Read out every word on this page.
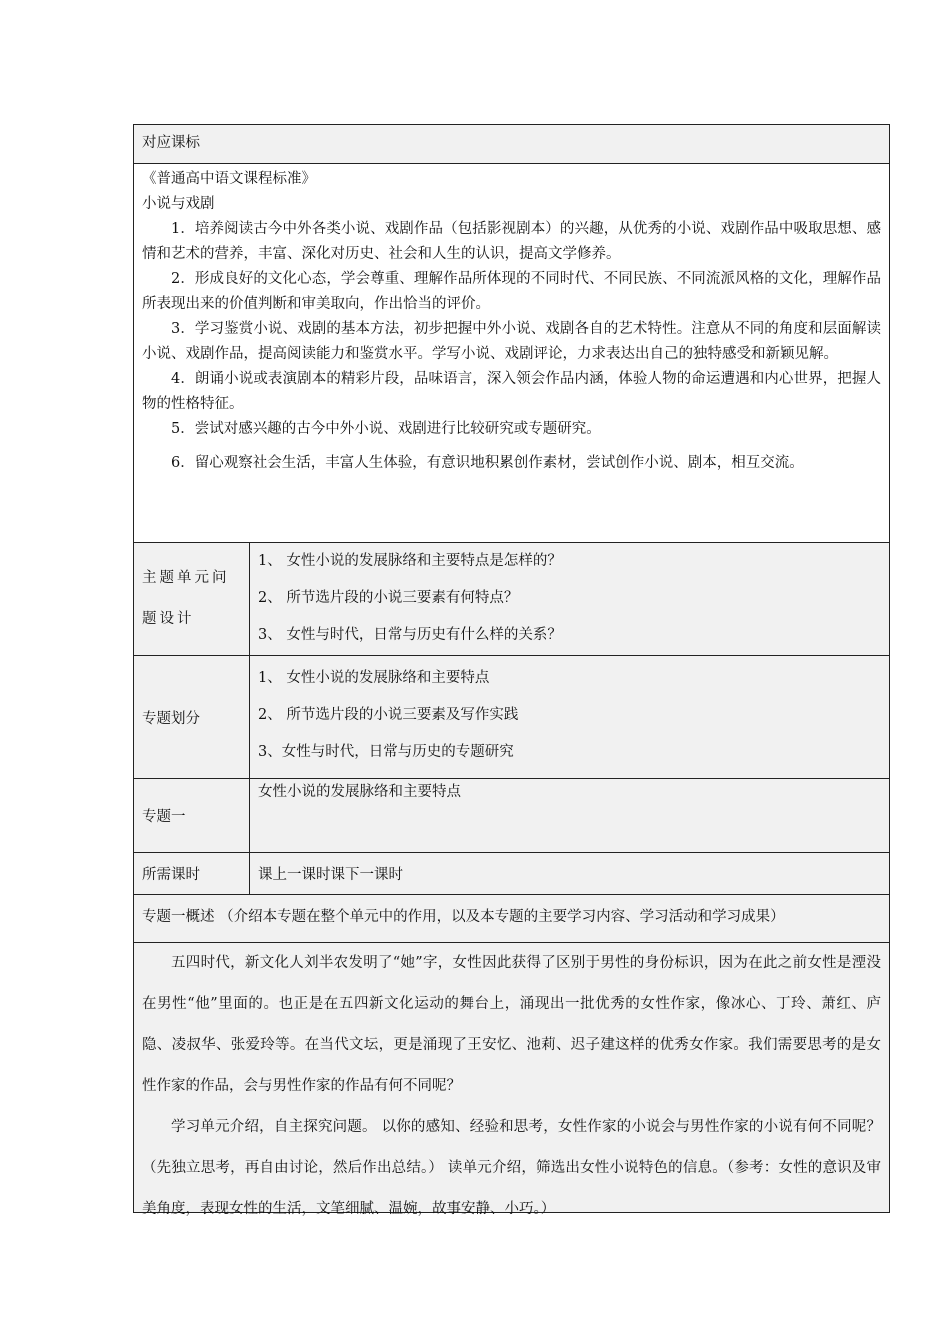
对应课标

《普通高中语文课程标准》

小说与戏剧

1．培养阅读古今中外各类小说、戏剧作品（包括影视剧本）的兴趣，从优秀的小说、戏剧作品中吸取思想、感情和艺术的营养，丰富、深化对历史、社会和人生的认识，提高文学修养。

2．形成良好的文化心态，学会尊重、理解作品所体现的不同时代、不同民族、不同流派风格的文化，理解作品所表现出来的价值判断和审美取向，作出恰当的评价。

3．学习鉴赏小说、戏剧的基本方法，初步把握中外小说、戏剧各自的艺术特性。注意从不同的角度和层面解读小说、戏剧作品，提高阅读能力和鉴赏水平。学写小说、戏剧评论，力求表达出自己的独特感受和新颖见解。

4．朗诵小说或表演剧本的精彩片段，品味语言，深入领会作品内涵，体验人物的命运遭遇和内心世界，把握人物的性格特征。

5．尝试对感兴趣的古今中外小说、戏剧进行比较研究或专题研究。

6．留心观察社会生活，丰富人生体验，有意识地积累创作素材，尝试创作小说、剧本，相互交流。

主题单元问题设计

1、 女性小说的发展脉络和主要特点是怎样的？

2、 所节选片段的小说三要素有何特点？

3、 女性与时代，日常与历史有什么样的关系？

专题划分

1、 女性小说的发展脉络和主要特点

2、 所节选片段的小说三要素及写作实践

3、女性与时代，日常与历史的专题研究

专题一

女性小说的发展脉络和主要特点

所需课时	课上一课时课下一课时

专题一概述 （介绍本专题在整个单元中的作用，以及本专题的主要学习内容、学习活动和学习成果）

五四时代，新文化人刘半农发明了“她”字，女性因此获得了区别于男性的身份标识，因为在此之前女性是湮没在男性“他”里面的。也正是在五四新文化运动的舞台上，涌现出一批优秀的女性作家，像冰心、丁玲、萧红、庐隐、凌叔华、张爱玲等。在当代文坛，更是涌现了王安忆、池莉、迟子建这样的优秀女作家。我们需要思考的是女性作家的作品，会与男性作家的作品有何不同呢？

学习单元介绍，自主探究问题。 以你的感知、经验和思考，女性作家的小说会与男性作家的小说有何不同呢？（先独立思考，再自由讨论，然后作出总结。） 读单元介绍，筛选出女性小说特色的信息。（参考：女性的意识及审美角度，表现女性的生活，文笔细腻、温婉，故事安静、小巧。）
